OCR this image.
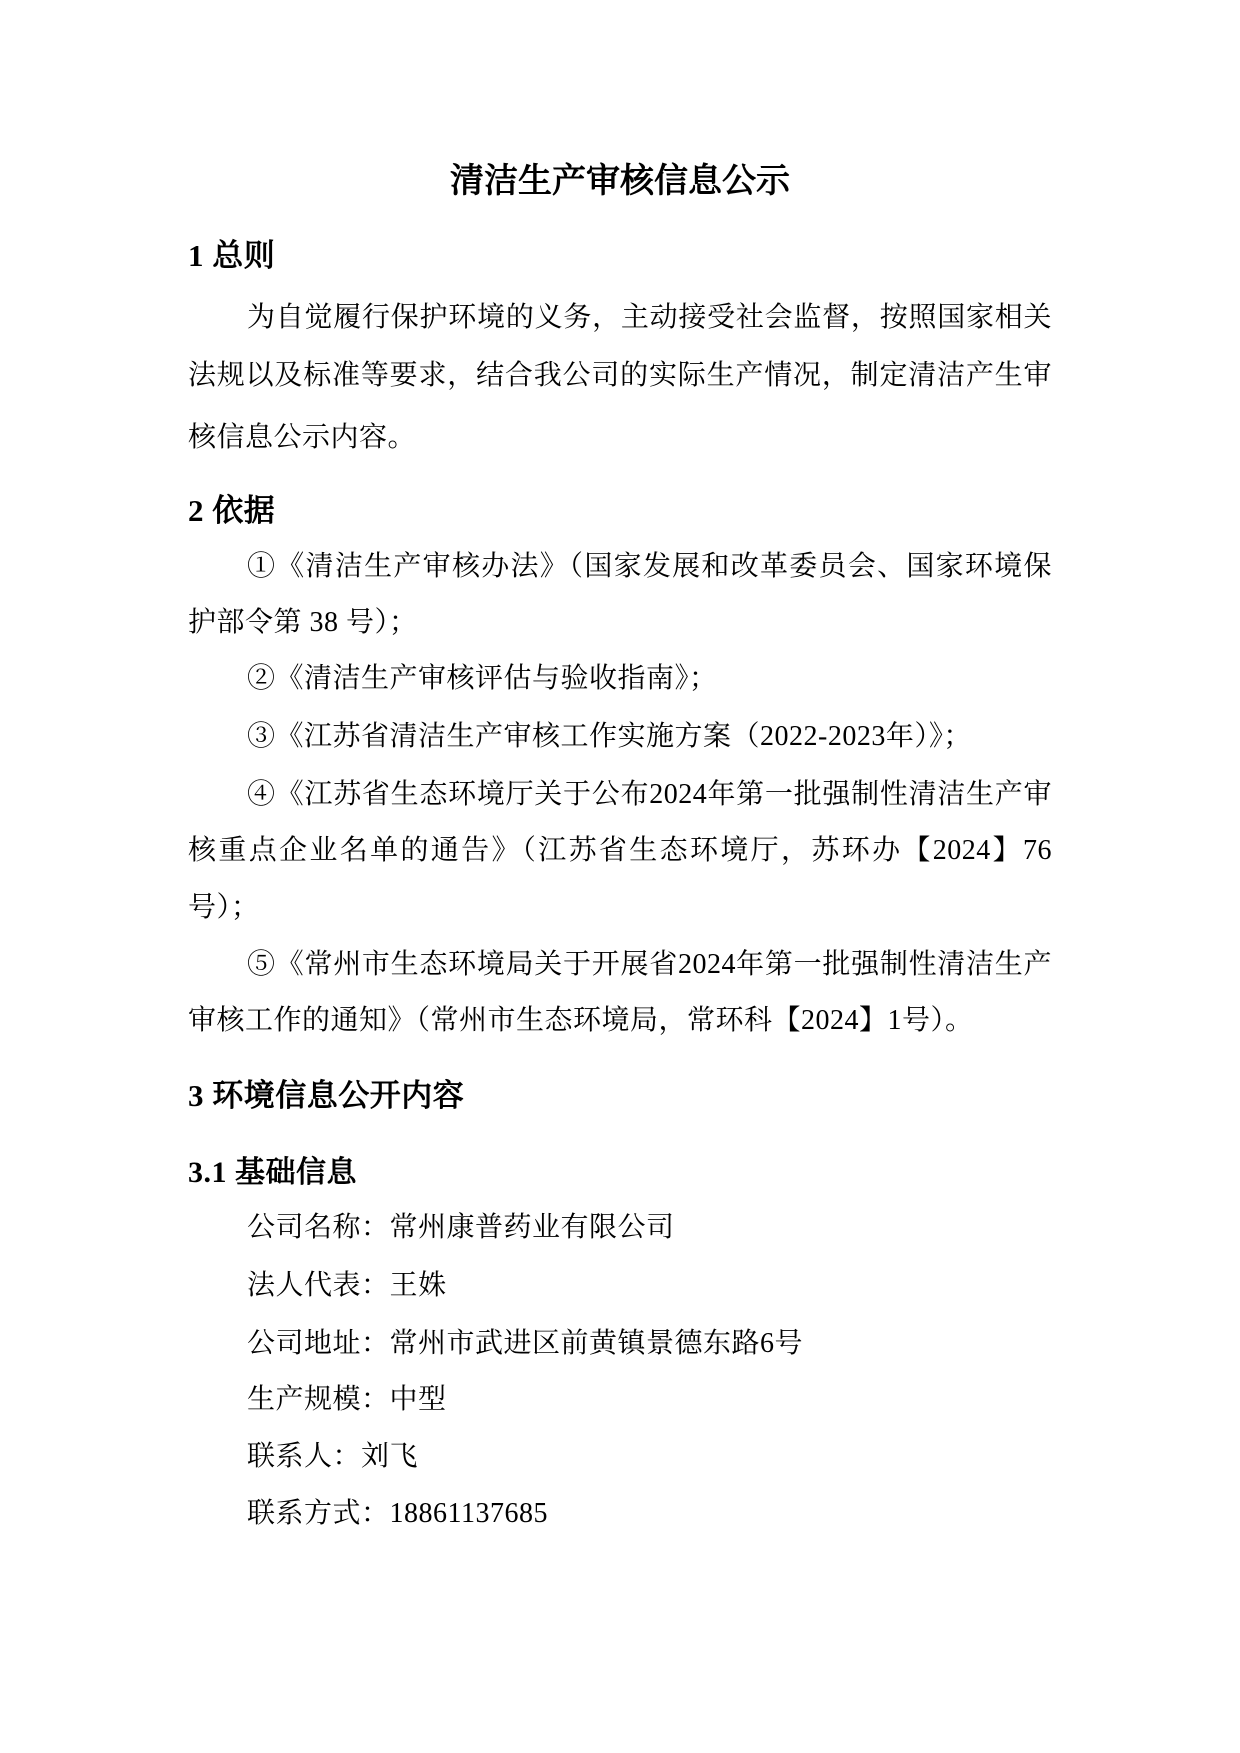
清洁生产审核信息公示
1 总则
为自觉履行保护环境的义务，主动接受社会监督，按照国家相关
法规以及标准等要求，结合我公司的实际生产情况，制定清洁产生审
核信息公示内容。
2 依据
①《清洁生产审核办法》（国家发展和改革委员会、国家环境保
护部令第 38 号）；
②《清洁生产审核评估与验收指南》；
③《江苏省清洁生产审核工作实施方案（2022-2023年）》；
④《江苏省生态环境厅关于公布2024年第一批强制性清洁生产审
核重点企业名单的通告》（江苏省生态环境厅，苏环办【2024】76
号）；
⑤《常州市生态环境局关于开展省2024年第一批强制性清洁生产
审核工作的通知》（常州市生态环境局，常环科【2024】1号）。
3 环境信息公开内容
3.1 基础信息
公司名称：常州康普药业有限公司
法人代表：王姝
公司地址：常州市武进区前黄镇景德东路6号
生产规模：中型
联系人：刘飞
联系方式：18861137685
